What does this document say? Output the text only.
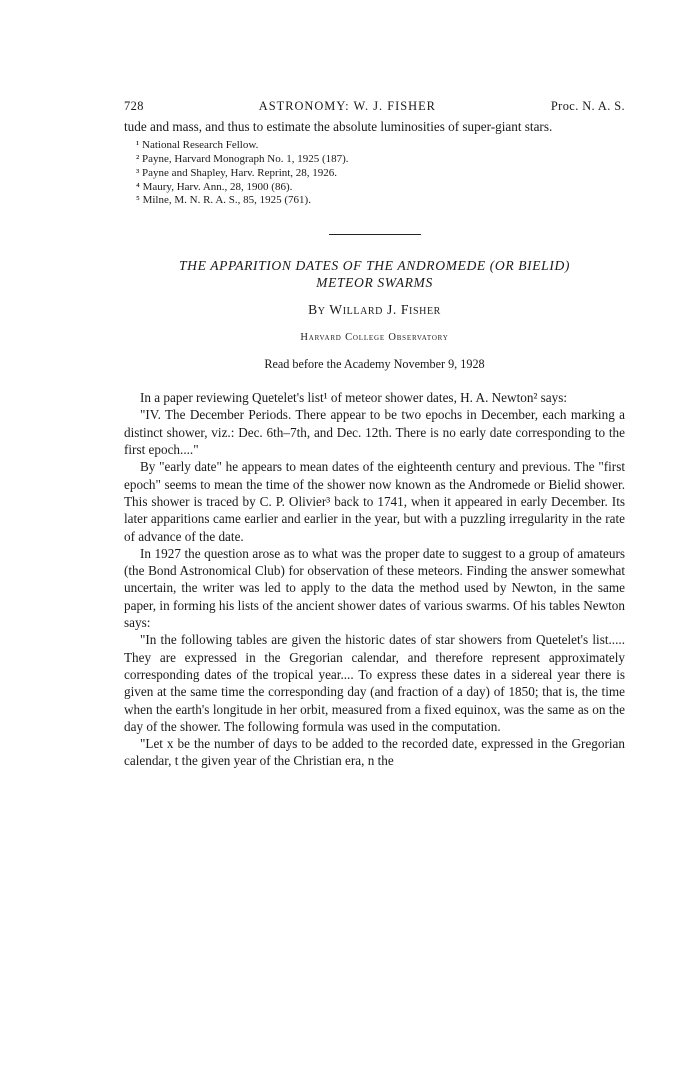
728	ASTRONOMY: W. J. FISHER	Proc. N. A. S.

tude and mass, and thus to estimate the absolute luminosities of super-giant stars.

¹ National Research Fellow.

² Payne, Harvard Monograph No. 1, 1925 (187).

³ Payne and Shapley, Harv. Reprint, 28, 1926.

⁴ Maury, Harv. Ann., 28, 1900 (86).

⁵ Milne, M. N. R. A. S., 85, 1925 (761).

THE APPARITION DATES OF THE ANDROMEDE (OR BIELID)

METEOR SWARMS

By Willard J. Fisher

Harvard College Observatory

Read before the Academy November 9, 1928

In a paper reviewing Quetelet's list¹ of meteor shower dates, H. A. Newton² says:

"IV. The December Periods. There appear to be two epochs in December, each marking a distinct shower, viz.: Dec. 6th–7th, and Dec. 12th. There is no early date corresponding to the first epoch...."

By "early date" he appears to mean dates of the eighteenth century and previous. The "first epoch" seems to mean the time of the shower now known as the Andromede or Bielid shower. This shower is traced by C. P. Olivier³ back to 1741, when it appeared in early December. Its later apparitions came earlier and earlier in the year, but with a puzzling irregularity in the rate of advance of the date.

In 1927 the question arose as to what was the proper date to suggest to a group of amateurs (the Bond Astronomical Club) for observation of these meteors. Finding the answer somewhat uncertain, the writer was led to apply to the data the method used by Newton, in the same paper, in forming his lists of the ancient shower dates of various swarms. Of his tables Newton says:

"In the following tables are given the historic dates of star showers from Quetelet's list..... They are expressed in the Gregorian calendar, and therefore represent approximately corresponding dates of the tropical year.... To express these dates in a sidereal year there is given at the same time the corresponding day (and fraction of a day) of 1850; that is, the time when the earth's longitude in her orbit, measured from a fixed equinox, was the same as on the day of the shower. The following formula was used in the computation.

"Let x be the number of days to be added to the recorded date, expressed in the Gregorian calendar, t the given year of the Christian era, n the
